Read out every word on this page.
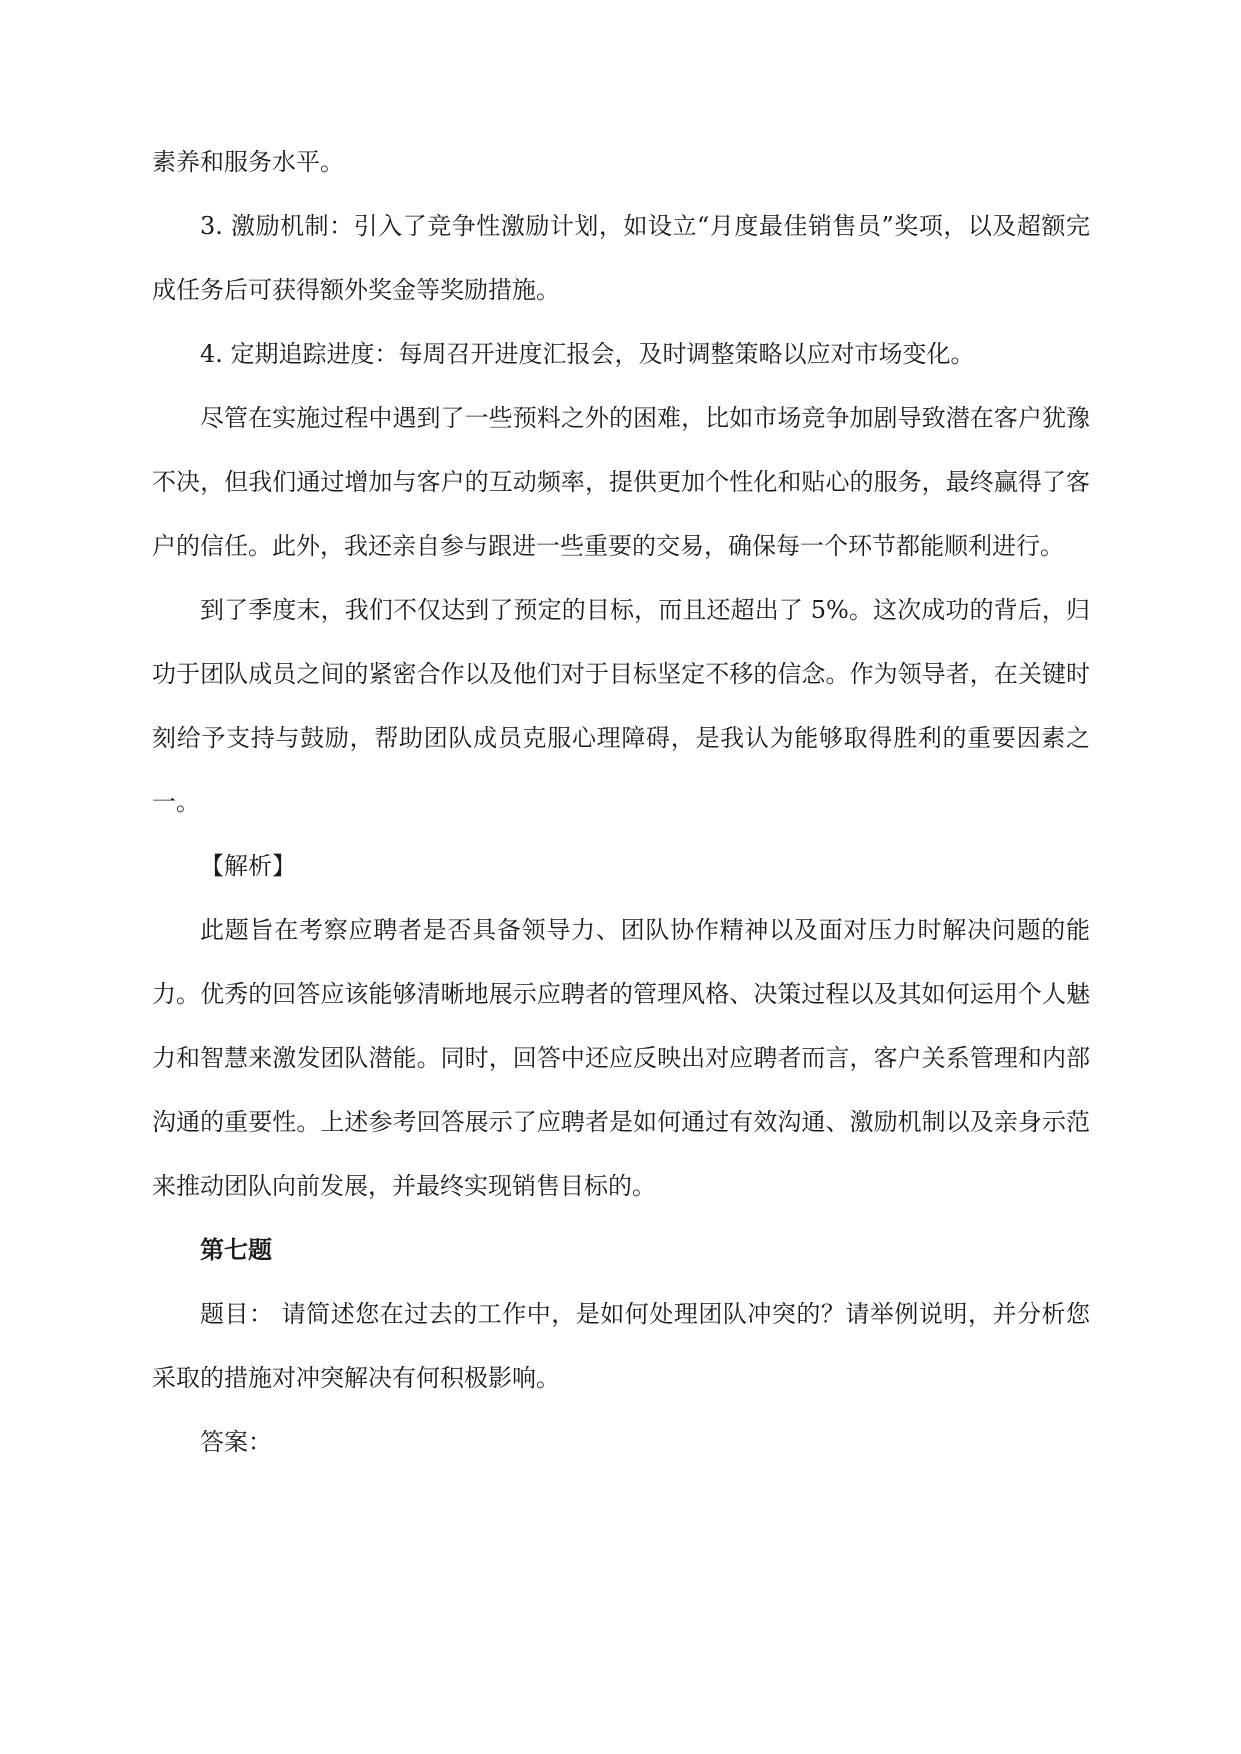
素养和服务水平。

3. 激励机制：引入了竞争性激励计划，如设立“月度最佳销售员”奖项，以及超额完成任务后可获得额外奖金等奖励措施。

4. 定期追踪进度：每周召开进度汇报会，及时调整策略以应对市场变化。

尽管在实施过程中遇到了一些预料之外的困难，比如市场竞争加剧导致潜在客户犹豫不决，但我们通过增加与客户的互动频率，提供更加个性化和贴心的服务，最终赢得了客户的信任。此外，我还亲自参与跟进一些重要的交易，确保每一个环节都能顺利进行。

到了季度末，我们不仅达到了预定的目标，而且还超出了 5%。这次成功的背后，归功于团队成员之间的紧密合作以及他们对于目标坚定不移的信念。作为领导者，在关键时刻给予支持与鼓励，帮助团队成员克服心理障碍，是我认为能够取得胜利的重要因素之一。

【解析】

此题旨在考察应聘者是否具备领导力、团队协作精神以及面对压力时解决问题的能力。优秀的回答应该能够清晰地展示应聘者的管理风格、决策过程以及其如何运用个人魅力和智慧来激发团队潜能。同时，回答中还应反映出对应聘者而言，客户关系管理和内部沟通的重要性。上述参考回答展示了应聘者是如何通过有效沟通、激励机制以及亲身示范来推动团队向前发展，并最终实现销售目标的。

第七题

题目： 请简述您在过去的工作中，是如何处理团队冲突的？请举例说明，并分析您采取的措施对冲突解决有何积极影响。

答案：
